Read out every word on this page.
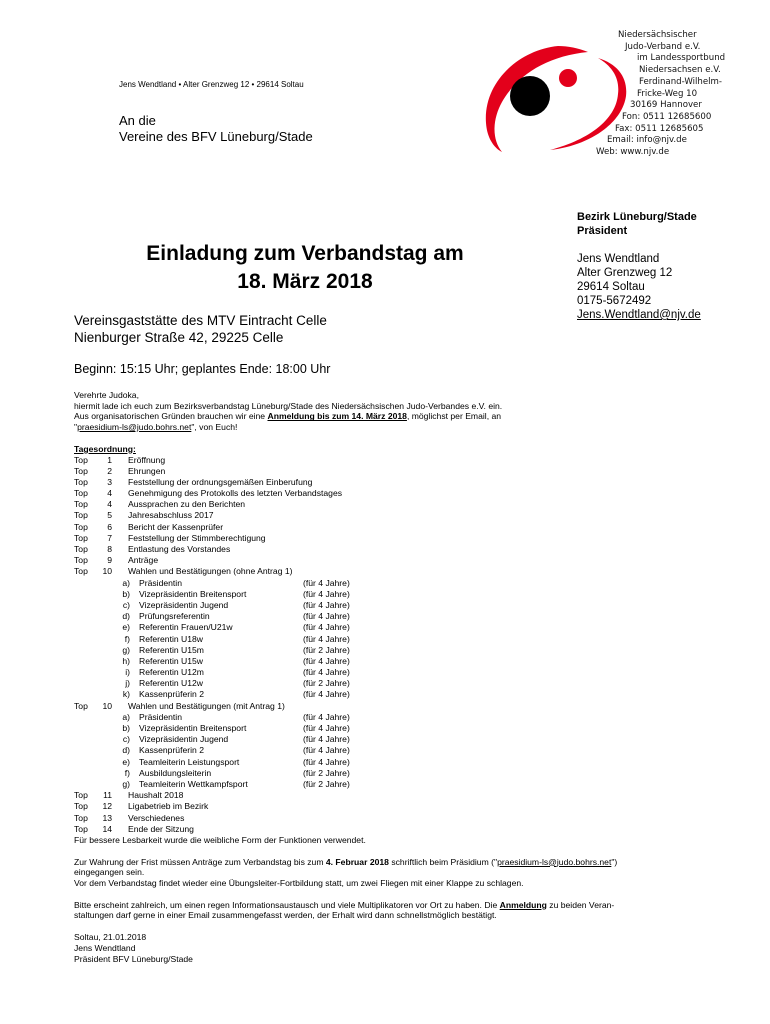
Jens Wendtland • Alter Grenzweg 12 • 29614 Soltau
An die
Vereine des BFV Lüneburg/Stade
Niedersächsischer
Judo-Verband e.V.
im Landessportbund
Niedersachsen e.V.
Ferdinand-Wilhelm-
Fricke-Weg 10
30169 Hannover
Fon: 0511 12685600
Fax: 0511 12685605
Email: info@njv.de
Web: www.njv.de
Bezirk Lüneburg/Stade
Präsident
Jens Wendtland
Alter Grenzweg 12
29614 Soltau
0175-5672492
Jens.Wendtland@njv.de
Einladung zum Verbandstag am
18. März 2018
Vereinsgaststätte des MTV Eintracht Celle
Nienburger Straße 42, 29225 Celle
Beginn: 15:15 Uhr; geplantes Ende: 18:00 Uhr

Verehrte Judoka,

hiermit lade ich euch zum Bezirksverbandstag Lüneburg/Stade des Niedersächsischen Judo-Verbandes e.V. ein.

Aus organisatorischen Gründen brauchen wir eine Anmeldung bis zum 14. März 2018, möglichst per Email, an

"praesidium-ls@judo.bohrs.net", von Euch!

Tagesordnung:

Top	1 Eröffnung
Top	2 Ehrungen
Top	3 Feststellung der ordnungsgemäßen Einberufung
Top	4 Genehmigung des Protokolls des letzten Verbandstages
Top	4 Aussprachen zu den Berichten
Top	5 Jahresabschluss 2017
Top	6 Bericht der Kassenprüfer
Top	7 Feststellung der Stimmberechtigung
Top	8 Entlastung des Vorstandes
Top	9 Anträge
Top	10 Wahlen und Bestätigungen (ohne Antrag 1)
a) Präsidentin	(für 4 Jahre)
b) Vizepräsidentin Breitensport	(für 4 Jahre)
c) Vizepräsidentin Jugend	(für 4 Jahre)
d) Prüfungsreferentin	(für 4 Jahre)
e) Referentin Frauen/U21w	(für 4 Jahre)
f) Referentin U18w	(für 4 Jahre)
g) Referentin U15m	(für 2 Jahre)
h) Referentin U15w	(für 4 Jahre)
i) Referentin U12m	(für 4 Jahre)
j) Referentin U12w	(für 2 Jahre)
k) Kassenprüferin 2	(für 4 Jahre)
Top	10 Wahlen und Bestätigungen (mit Antrag 1)
a) Präsidentin	(für 4 Jahre)
b) Vizepräsidentin Breitensport	(für 4 Jahre)
c) Vizepräsidentin Jugend	(für 4 Jahre)
d) Kassenprüferin 2	(für 4 Jahre)
e) Teamleiterin Leistungsport	(für 4 Jahre)
f) Ausbildungsleiterin	(für 2 Jahre)
g) Teamleiterin Wettkampfsport	(für 2 Jahre)
Top	11 Haushalt 2018
Top	12 Ligabetrieb im Bezirk
Top	13 Verschiedenes
Top	14 Ende der Sitzung

Für bessere Lesbarkeit wurde die weibliche Form der Funktionen verwendet.

Zur Wahrung der Frist müssen Anträge zum Verbandstag bis zum 4. Februar 2018 schriftlich beim Präsidium ("praesidium-ls@judo.bohrs.net")

eingegangen sein.

Vor dem Verbandstag findet wieder eine Übungsleiter-Fortbildung statt, um zwei Fliegen mit einer Klappe zu schlagen.

Bitte erscheint zahlreich, um einen regen Informationsaustausch und viele Multiplikatoren vor Ort zu haben. Die Anmeldung zu beiden Veran-

staltungen darf gerne in einer Email zusammengefasst werden, der Erhalt wird dann schnellstmöglich bestätigt.

Soltau, 21.01.2018

Jens Wendtland

Präsident BFV Lüneburg/Stade
